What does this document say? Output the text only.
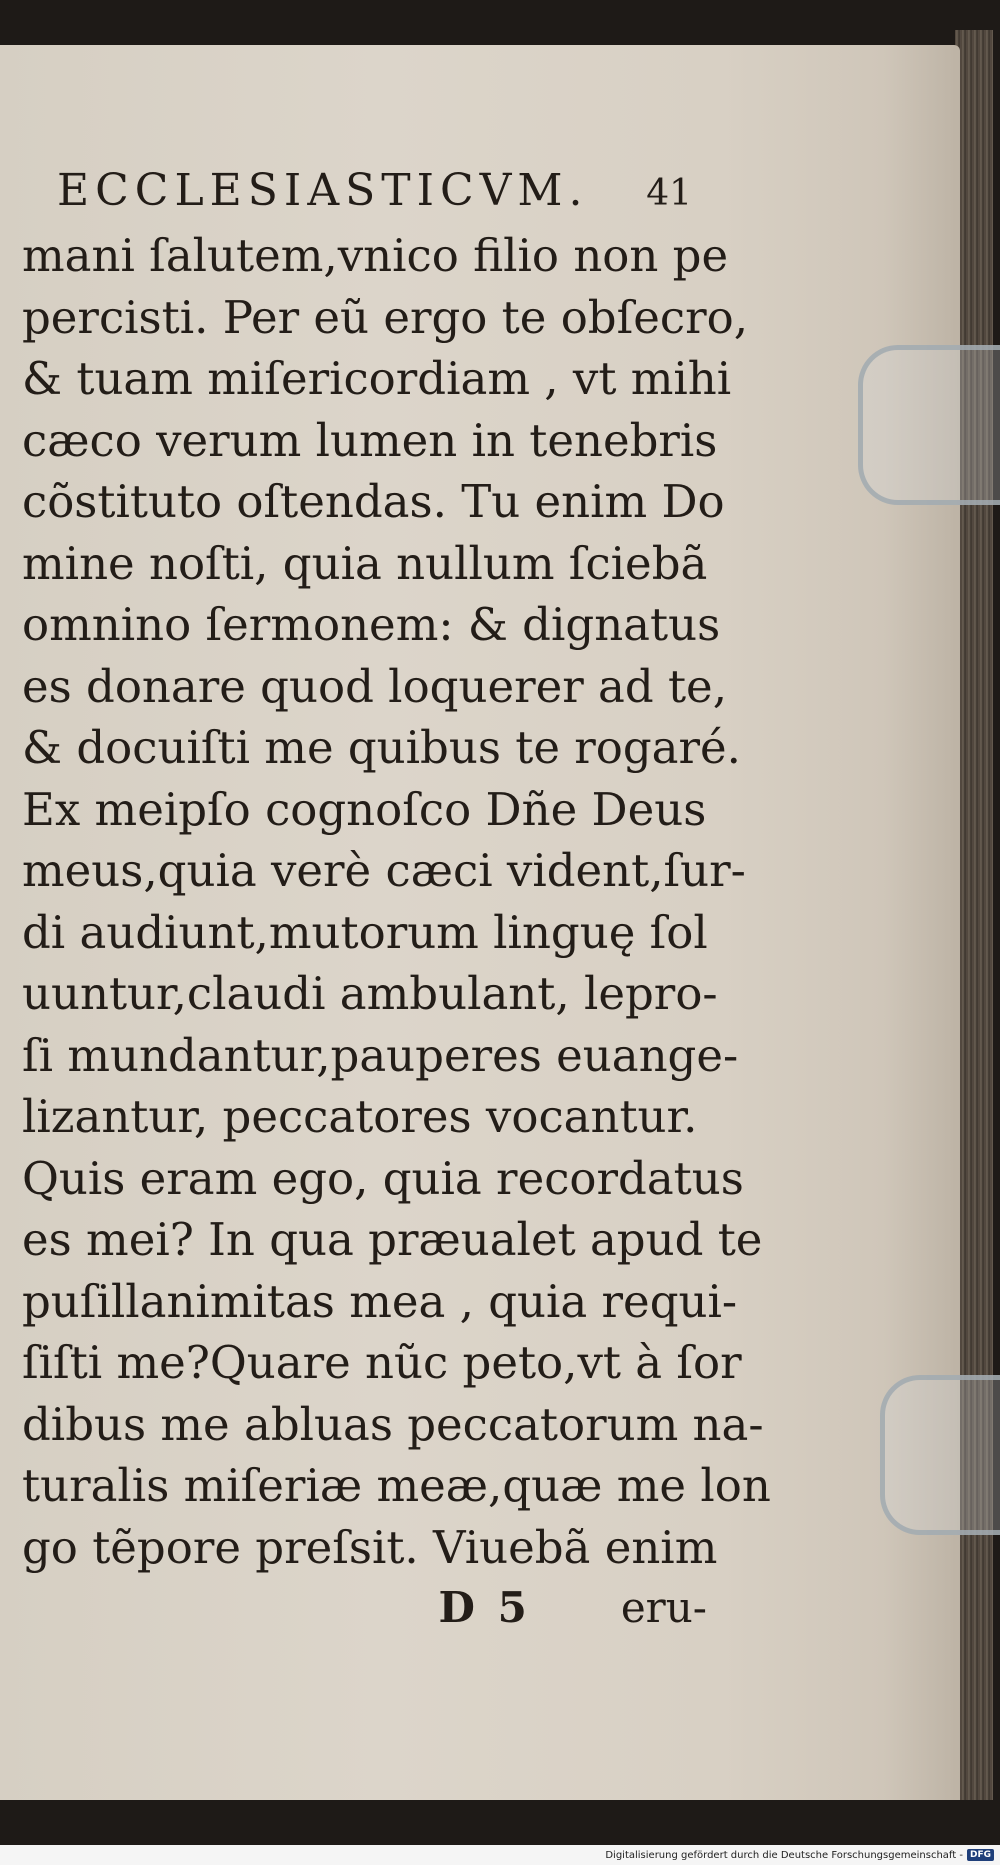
ECCLESIASTICVM. 41
mani ſalutem,vnico filio non pe
percisti. Per eũ ergo te obſecro,
& tuam miſericordiam , vt mihi
cæco verum lumen in tenebris
cõstituto oſtendas. Tu enim Do
mine noſti, quia nullum ſciebã
omnino ſermonem: & dignatus
es donare quod loquerer ad te,
& docuiſti me quibus te rogaré.
Ex meipſo cognoſco Dñe Deus
meus,quia verè cæci vident,ſur-
di audiunt,mutorum linguę ſol
uuntur,claudi ambulant, lepro-
ſi mundantur,pauperes euange-
lizantur, peccatores vocantur.
Quis eram ego, quia recordatus
es mei? In qua præualet apud te
puſillanimitas mea , quia requi-
ſiſti me?Quare nũc peto,vt à ſor
dibus me abluas peccatorum na-
turalis miſeriæ meæ,quæ me lon
go tẽpore preſsit. Viuebã enim
D 5 eru-
Digitalisierung gefördert durch die Deutsche Forschungsgemeinschaft - DFG
